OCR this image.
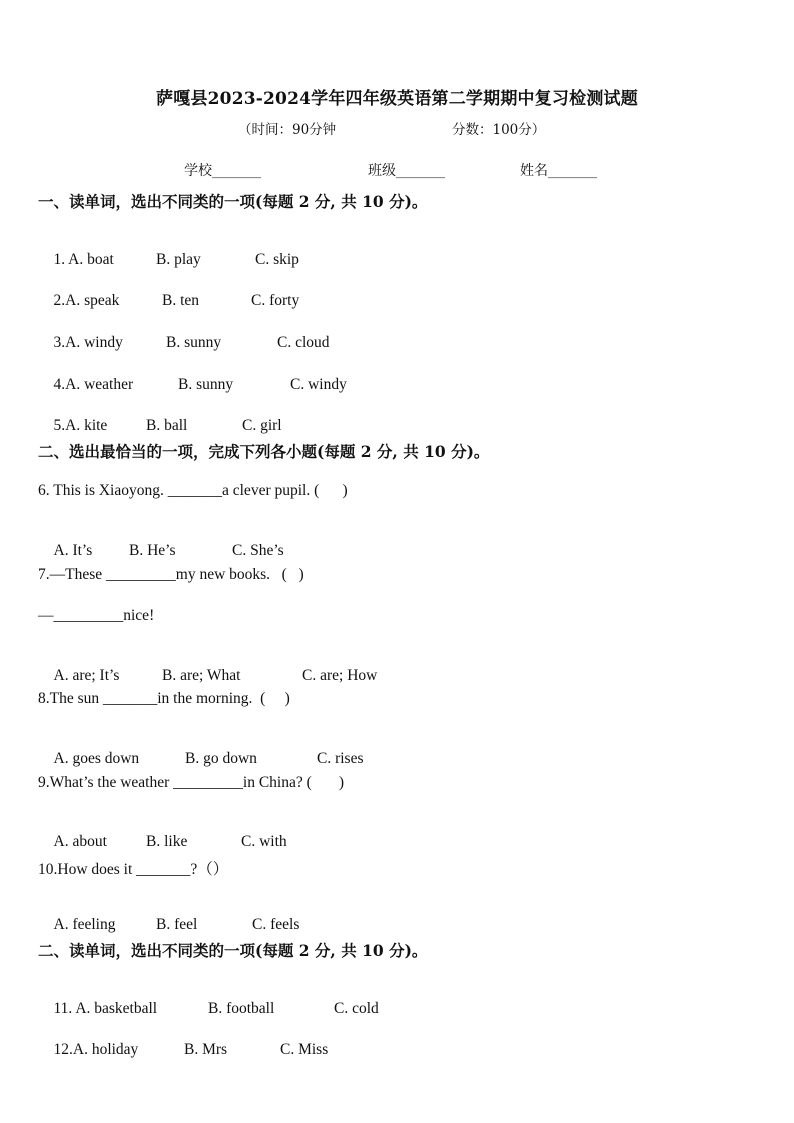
萨嘎县2023-2024学年四年级英语第二学期期中复习检测试题
（时间：90分钟	分数：100分）
学校_______	班级_______	姓名_______
一、读单词，选出不同类的一项(每题 2 分, 共 10 分)。

1. A. boat	B. play	C. skip

2.A. speak	B. ten	C. forty

3.A. windy	B. sunny	C. cloud

4.A. weather	B. sunny	C. windy

5.A. kite B. ball	C. girl

二、选出最恰当的一项，完成下列各小题(每题 2 分, 共 10 分)。
6. This is Xiaoyong. _______a clever pupil. (      )

A. It’s B. He’s	C. She’s

7.—These _________my new books.   (   )
—_________nice!

A. are; It’s	B. are; What	C. are; How

8.The sun _______in the morning.  (     )

A. goes down	B. go down	C. rises

9.What’s the weather _________in China? (       )

A. about	B. like	C. with

10.How does it _______?（）

A. feeling	B. feel	C. feels

二、读单词，选出不同类的一项(每题 2 分, 共 10 分)。

11. A. basketball	B. football	C. cold

12.A. holiday	B. Mrs	C. Miss
